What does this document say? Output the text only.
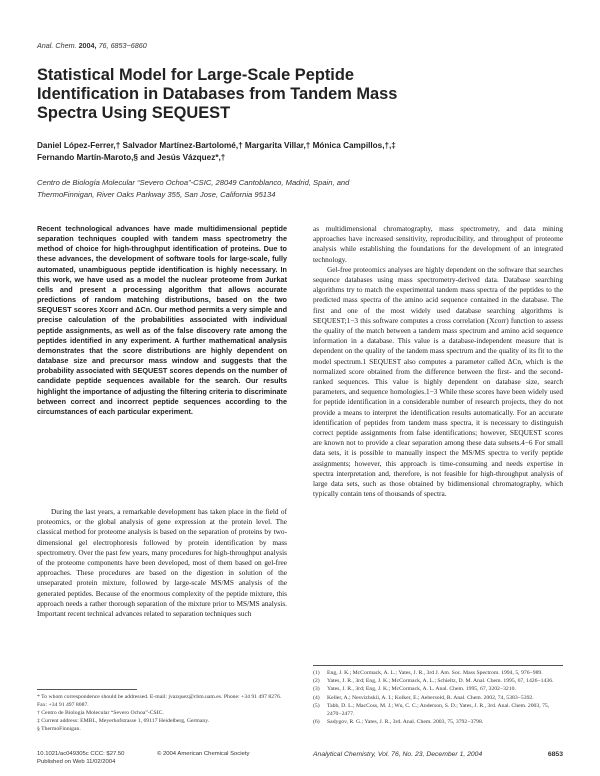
Anal. Chem. 2004, 76, 6853−6860
Statistical Model for Large-Scale Peptide
Identification in Databases from Tandem Mass
Spectra Using SEQUEST
Daniel López-Ferrer,† Salvador Martínez-Bartolomé,† Margarita Villar,† Mónica Campillos,†,‡
Fernando Martín-Maroto,§ and Jesús Vázquez*,†
Centro de Biología Molecular “Severo Ochoa”-CSIC, 28049 Cantoblanco, Madrid, Spain, and
ThermoFinnigan, River Oaks Parkway 355, San Jose, California 95134
Recent technological advances have made multidimensional peptide separation techniques coupled with tandem mass spectrometry the method of choice for high-throughput identification of proteins. Due to these advances, the development of software tools for large-scale, fully automated, unambiguous peptide identification is highly necessary. In this work, we have used as a model the nuclear proteome from Jurkat cells and present a processing algorithm that allows accurate predictions of random matching distributions, based on the two SEQUEST scores Xcorr and ΔCn. Our method permits a very simple and precise calculation of the probabilities associated with individual peptide assignments, as well as of the false discovery rate among the peptides identified in any experiment. A further mathematical analysis demonstrates that the score distributions are highly dependent on database size and precursor mass window and suggests that the probability associated with SEQUEST scores depends on the number of candidate peptide sequences available for the search. Our results highlight the importance of adjusting the filtering criteria to discriminate between correct and incorrect peptide sequences according to the circumstances of each particular experiment.

During the last years, a remarkable development has taken place in the field of proteomics, or the global analysis of gene expression at the protein level. The classical method for proteome analysis is based on the separation of proteins by two-dimensional gel electrophoresis followed by protein identification by mass spectrometry. Over the past few years, many procedures for high-throughput analysis of the proteome components have been developed, most of them based on gel-free approaches. These procedures are based on the digestion in solution of the unseparated protein mixture, followed by large-scale MS/MS analysis of the generated peptides. Because of the enormous complexity of the peptide mixture, this approach needs a rather thorough separation of the mixture prior to MS/MS analysis. Important recent technical advances related to separation techniques such

as multidimensional chromatography, mass spectrometry, and data mining approaches have increased sensitivity, reproducibility, and throughput of proteome analysis while establishing the foundations for the development of an integrated technology.

Gel-free proteomics analyses are highly dependent on the software that searches sequence databases using mass spectrometry-derived data. Database searching algorithms try to match the experimental tandem mass spectra of the peptides to the predicted mass spectra of the amino acid sequence contained in the database. The first and one of the most widely used database searching algorithms is SEQUEST;1−3 this software computes a cross correlation (Xcorr) function to assess the quality of the match between a tandem mass spectrum and amino acid sequence information in a database. This value is a database-independent measure that is dependent on the quality of the tandem mass spectrum and the quality of its fit to the model spectrum.1 SEQUEST also computes a parameter called ΔCn, which is the normalized score obtained from the difference between the first- and the second-ranked sequences. This value is highly dependent on database size, search parameters, and sequence homologies.1−3 While these scores have been widely used for peptide identification in a considerable number of research projects, they do not provide a means to interpret the identification results automatically. For an accurate identification of peptides from tandem mass spectra, it is necessary to distinguish correct peptide assignments from false identifications; however, SEQUEST scores are known not to provide a clear separation among these data subsets.4−6 For small data sets, it is possible to manually inspect the MS/MS spectra to verify peptide assignments; however, this approach is time-consuming and needs expertise in spectra interpretation and, therefore, is not feasible for high-throughput analysis of large data sets, such as those obtained by bidimensional chromatography, which typically contain tens of thousands of spectra.

* To whom correspondence should be addressed. E-mail: jvazquez@cbm.uam.es. Phone: +34 91 497 8276. Fax: +34 91 497 8087.
† Centro de Biología Molecular “Severo Ochoa”-CSIC.
‡ Current address: EMBL, Meyerhofstrasse 1, 69117 Heidelberg, Germany.
§ ThermoFinnigan.
(1)	Eng, J. K.; McCormack, A. L.; Yates, J. R., 3rd J. Am. Soc. Mass Spectrom. 1994, 5, 976−989.
(2)	Yates, J. R., 3rd; Eng, J. K.; McCormack, A. L.; Schieltz, D. M. Anal. Chem. 1995, 67, 1426−1436.
(3)	Yates, J. R., 3rd; Eng, J. K.; McCormack, A. L. Anal. Chem. 1995, 67, 3202−3210.
(4)	Keller, A.; Nesvizhskii, A. I.; Kolker, E.; Aebersold, R. Anal. Chem. 2002, 74, 5383−5392.
(5)	Tabb, D. L.; MacCoss, M. J.; Wu, C. C.; Anderson, S. D.; Yates, J. R., 3rd. Anal. Chem. 2003, 75, 2470−2477.
(6)	Sadygov, R. G.; Yates, J. R., 3rd. Anal. Chem. 2003, 75, 3792−3798.
10.1021/ac049305c CCC: $27.50
Published on Web 11/02/2004
© 2004 American Chemical Society	Analytical Chemistry, Vol. 76, No. 23, December 1, 2004	6853
